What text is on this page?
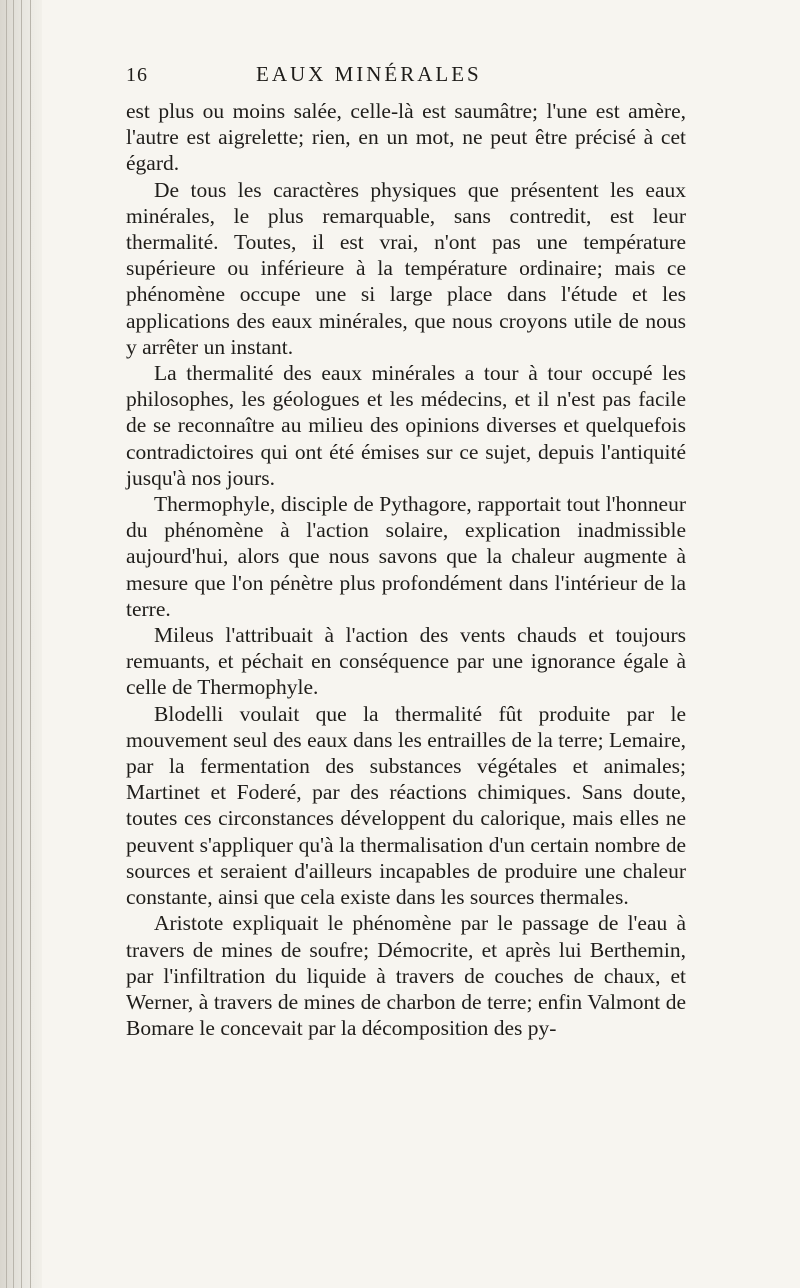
16	EAUX MINÉRALES

est plus ou moins salée, celle-là est saumâtre; l'une est amère, l'autre est aigrelette; rien, en un mot, ne peut être précisé à cet égard.

De tous les caractères physiques que présentent les eaux minérales, le plus remarquable, sans contredit, est leur thermalité. Toutes, il est vrai, n'ont pas une température supérieure ou inférieure à la température ordinaire; mais ce phénomène occupe une si large place dans l'étude et les applications des eaux minérales, que nous croyons utile de nous y arrêter un instant.

La thermalité des eaux minérales a tour à tour occupé les philosophes, les géologues et les médecins, et il n'est pas facile de se reconnaître au milieu des opinions diverses et quelquefois contradictoires qui ont été émises sur ce sujet, depuis l'antiquité jusqu'à nos jours.

Thermophyle, disciple de Pythagore, rapportait tout l'honneur du phénomène à l'action solaire, explication inadmissible aujourd'hui, alors que nous savons que la chaleur augmente à mesure que l'on pénètre plus profondément dans l'intérieur de la terre.

Mileus l'attribuait à l'action des vents chauds et toujours remuants, et péchait en conséquence par une ignorance égale à celle de Thermophyle.

Blodelli voulait que la thermalité fût produite par le mouvement seul des eaux dans les entrailles de la terre; Lemaire, par la fermentation des substances végétales et animales; Martinet et Foderé, par des réactions chimiques. Sans doute, toutes ces circonstances développent du calorique, mais elles ne peuvent s'appliquer qu'à la thermalisation d'un certain nombre de sources et seraient d'ailleurs incapables de produire une chaleur constante, ainsi que cela existe dans les sources thermales.

Aristote expliquait le phénomène par le passage de l'eau à travers de mines de soufre; Démocrite, et après lui Berthemin, par l'infiltration du liquide à travers de couches de chaux, et Werner, à travers de mines de charbon de terre; enfin Valmont de Bomare le concevait par la décomposition des py-
